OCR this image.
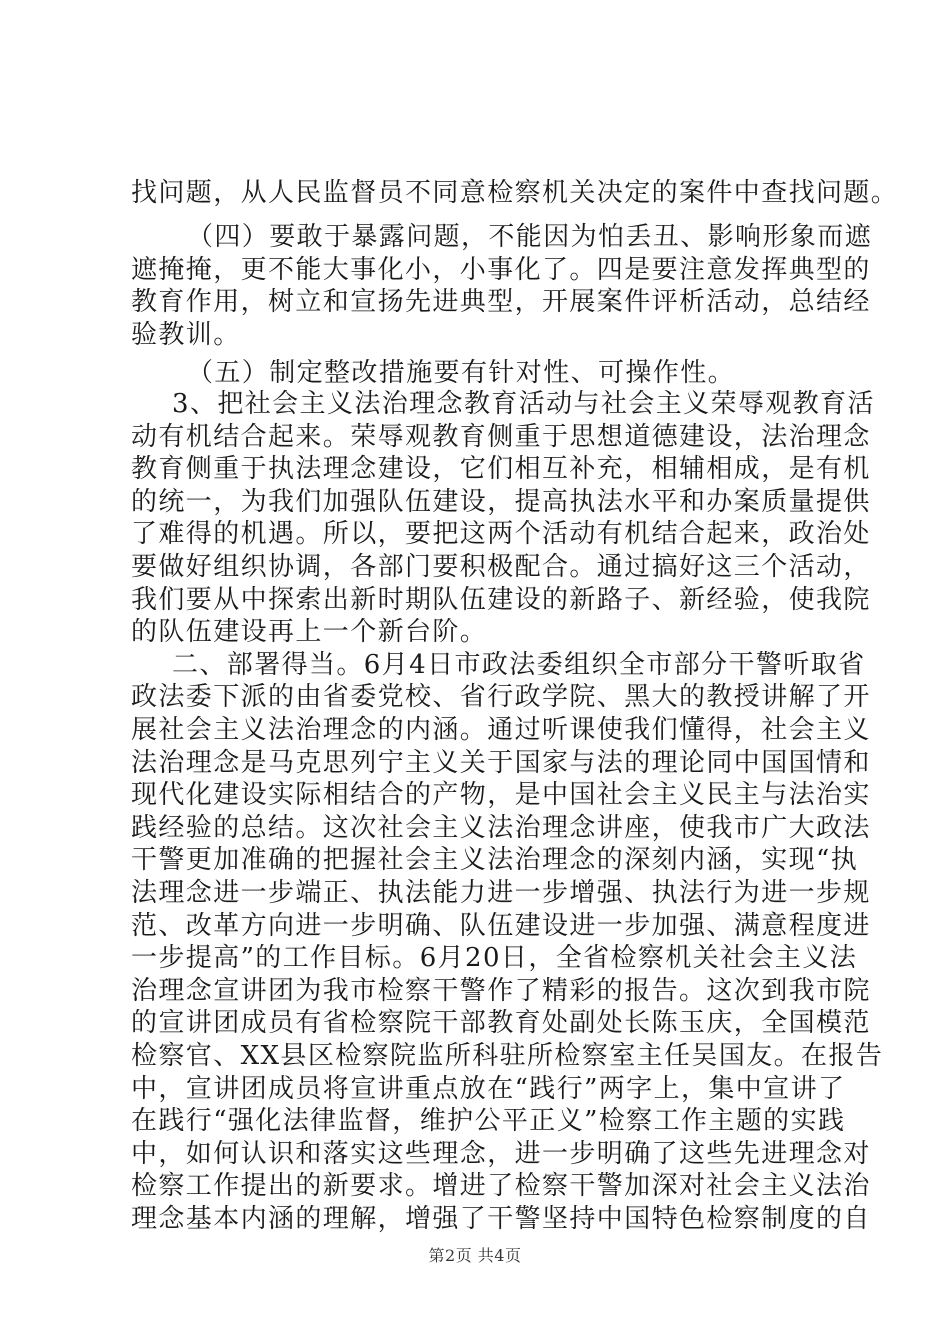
找问题，从人民监督员不同意检察机关决定的案件中查找问题。
（四）要敢于暴露问题，不能因为怕丢丑、影响形象而遮
遮掩掩，更不能大事化小，小事化了。四是要注意发挥典型的
教育作用，树立和宣扬先进典型，开展案件评析活动，总结经
验教训。
（五）制定整改措施要有针对性、可操作性。
3、把社会主义法治理念教育活动与社会主义荣辱观教育活
动有机结合起来。荣辱观教育侧重于思想道德建设，法治理念
教育侧重于执法理念建设，它们相互补充，相辅相成，是有机
的统一，为我们加强队伍建设，提高执法水平和办案质量提供
了难得的机遇。所以，要把这两个活动有机结合起来，政治处
要做好组织协调，各部门要积极配合。通过搞好这三个活动，
我们要从中探索出新时期队伍建设的新路子、新经验，使我院
的队伍建设再上一个新台阶。
二、部署得当。6月4日市政法委组织全市部分干警听取省
政法委下派的由省委党校、省行政学院、黑大的教授讲解了开
展社会主义法治理念的内涵。通过听课使我们懂得，社会主义
法治理念是马克思列宁主义关于国家与法的理论同中国国情和
现代化建设实际相结合的产物，是中国社会主义民主与法治实
践经验的总结。这次社会主义法治理念讲座，使我市广大政法
干警更加准确的把握社会主义法治理念的深刻内涵，实现“执
法理念进一步端正、执法能力进一步增强、执法行为进一步规
范、改革方向进一步明确、队伍建设进一步加强、满意程度进
一步提高”的工作目标。6月20日，全省检察机关社会主义法
治理念宣讲团为我市检察干警作了精彩的报告。这次到我市院
的宣讲团成员有省检察院干部教育处副处长陈玉庆，全国模范
检察官、XX县区检察院监所科驻所检察室主任吴国友。在报告
中，宣讲团成员将宣讲重点放在“践行”两字上，集中宣讲了
在践行“强化法律监督，维护公平正义”检察工作主题的实践
中，如何认识和落实这些理念，进一步明确了这些先进理念对
检察工作提出的新要求。增进了检察干警加深对社会主义法治
理念基本内涵的理解，增强了干警坚持中国特色检察制度的自
第2页 共4页
